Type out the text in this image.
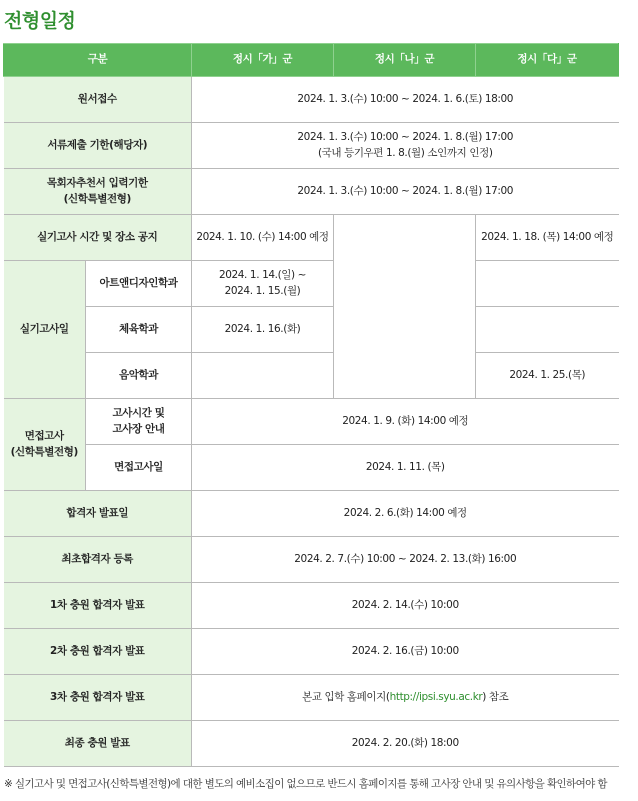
전형일정
구분		정시「가」군	정시「나」군	정시「다」군
원서접수		2024. 1. 3.(수) 10:00 ~ 2024. 1. 6.(토) 18:00		
서류제출 기한(해당자)		2024. 1. 3.(수) 10:00 ~ 2024. 1. 8.(월) 17:00
(국내 등기우편 1. 8.(월) 소인까지 인정)		
목회자추천서 입력기한
(신학특별전형)		2024. 1. 3.(수) 10:00 ~ 2024. 1. 8.(월) 17:00		
실기고사 시간 및 장소 공지		2024. 1. 10. (수) 14:00 예정		2024. 1. 18. (목) 14:00 예정
실기고사일	아트앤디자인학과	2024. 1. 14.(일) ~
2024. 1. 15.(월)		
	체육학과	2024. 1. 16.(화)		
	음악학과			2024. 1. 25.(목)
면접고사
(신학특별전형)	고사시간 및
고사장 안내	2024. 1. 9. (화) 14:00 예정		
	면접고사일	2024. 1. 11. (목)		
합격자 발표일		2024. 2. 6.(화) 14:00 예정		
최초합격자 등록		2024. 2. 7.(수) 10:00 ~ 2024. 2. 13.(화) 16:00		
1차 충원 합격자 발표		2024. 2. 14.(수) 10:00		
2차 충원 합격자 발표		2024. 2. 16.(금) 10:00		
3차 충원 합격자 발표		본교 입학 홈페이지(http://ipsi.syu.ac.kr) 참조		
최종 충원 발표		2024. 2. 20.(화) 18:00		
※ 실기고사 및 면접고사(신학특별전형)에 대한 별도의 예비소집이 없으므로 반드시 홈페이지를 통해 고사장 안내 및 유의사항을 확인하여야 함
